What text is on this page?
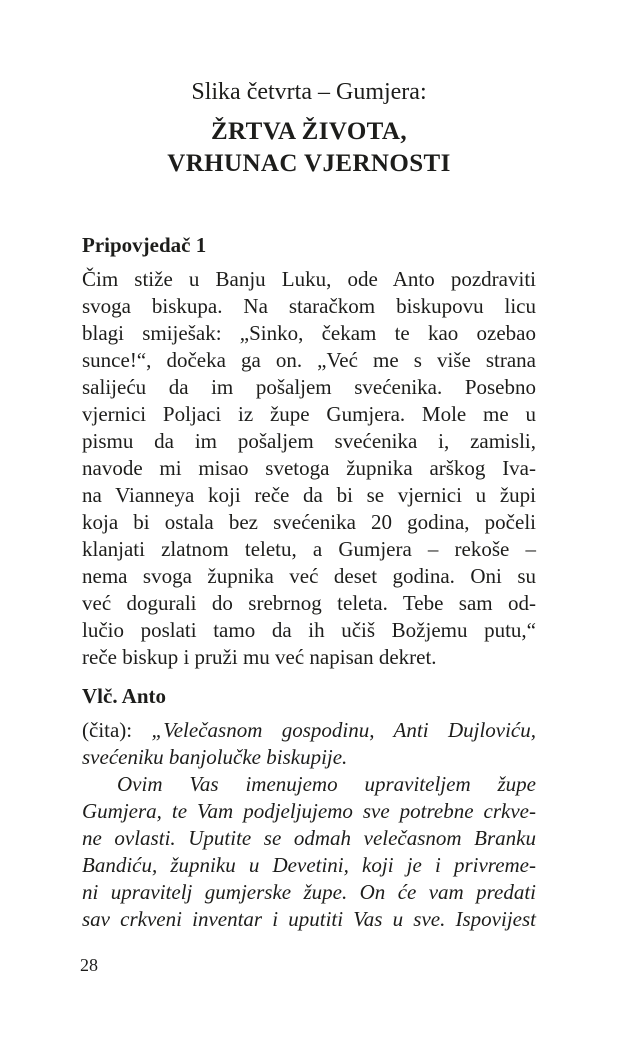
Slika četvrta – Gumjera:
ŽRTVA ŽIVOTA,
VRHUNAC VJERNOSTI
Pripovjedač 1
Čim stiže u Banju Luku, ode Anto pozdraviti
svoga biskupa. Na staračkom biskupovu licu
blagi smiješak: „Sinko, čekam te kao ozebao
sunce!“, dočeka ga on. „Već me s više strana
salijeću da im pošaljem svećenika. Posebno
vjernici Poljaci iz župe Gumjera. Mole me u
pismu da im pošaljem svećenika i, zamisli,
navode mi misao svetoga župnika arškog Iva-
na Vianneya koji reče da bi se vjernici u župi
koja bi ostala bez svećenika 20 godina, počeli
klanjati zlatnom teletu, a Gumjera – rekoše –
nema svoga župnika već deset godina. Oni su
već dogurali do srebrnog teleta. Tebe sam od-
lučio poslati tamo da ih učiš Božjemu putu,“
reče biskup i pruži mu već napisan dekret.
Vlč. Anto
(čita): „Velečasnom gospodinu, Anti Dujloviću,
svećeniku banjolučke biskupije.
Ovim Vas imenujemo upraviteljem župe
Gumjera, te Vam podjeljujemo sve potrebne crkve-
ne ovlasti. Uputite se odmah velečasnom Branku
Bandiću, župniku u Devetini, koji je i privreme-
ni upravitelj gumjerske župe. On će vam predati
sav crkveni inventar i uputiti Vas u sve. Ispovijest
28
